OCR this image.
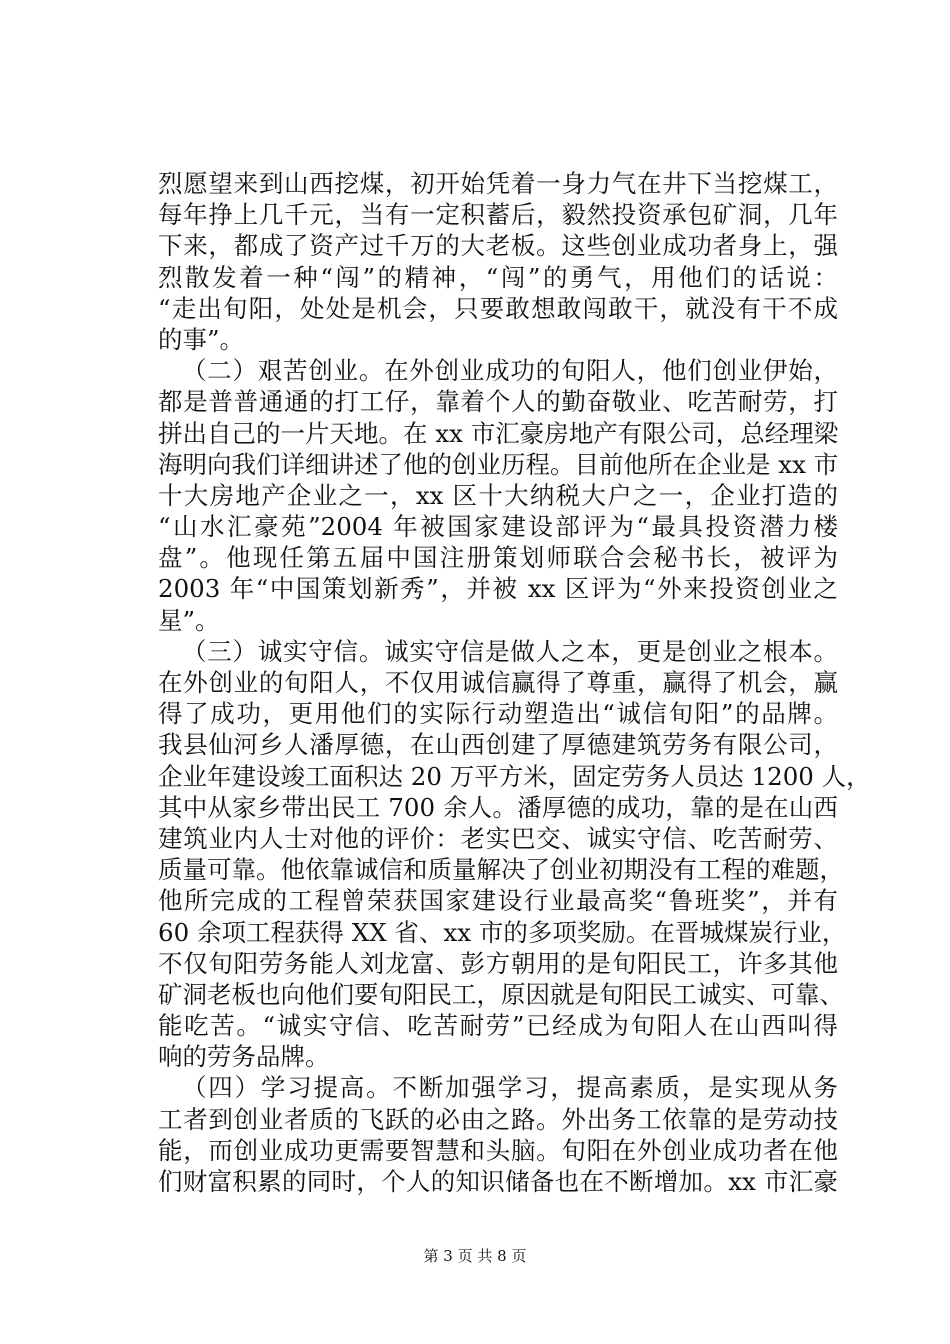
烈愿望来到山西挖煤，初开始凭着一身力气在井下当挖煤工，
每年挣上几千元，当有一定积蓄后，毅然投资承包矿洞，几年
下来，都成了资产过千万的大老板。这些创业成功者身上，强
烈散发着一种“闯”的精神，“闯”的勇气，用他们的话说：
“走出旬阳，处处是机会，只要敢想敢闯敢干，就没有干不成
的事”。
（二）艰苦创业。在外创业成功的旬阳人，他们创业伊始，
都是普普通通的打工仔，靠着个人的勤奋敬业、吃苦耐劳，打
拼出自己的一片天地。在 xx 市汇豪房地产有限公司，总经理梁
海明向我们详细讲述了他的创业历程。目前他所在企业是 xx 市
十大房地产企业之一，xx 区十大纳税大户之一，企业打造的
“山水汇豪苑”2004 年被国家建设部评为“最具投资潜力楼
盘”。他现任第五届中国注册策划师联合会秘书长，被评为
2003 年“中国策划新秀”，并被 xx 区评为“外来投资创业之
星”。
（三）诚实守信。诚实守信是做人之本，更是创业之根本。
在外创业的旬阳人，不仅用诚信赢得了尊重，赢得了机会，赢
得了成功，更用他们的实际行动塑造出“诚信旬阳”的品牌。
我县仙河乡人潘厚德，在山西创建了厚德建筑劳务有限公司，
企业年建设竣工面积达 20 万平方米，固定劳务人员达 1200 人，
其中从家乡带出民工 700 余人。潘厚德的成功，靠的是在山西
建筑业内人士对他的评价：老实巴交、诚实守信、吃苦耐劳、
质量可靠。他依靠诚信和质量解决了创业初期没有工程的难题，
他所完成的工程曾荣获国家建设行业最高奖“鲁班奖”，并有
60 余项工程获得 XX 省、xx 市的多项奖励。在晋城煤炭行业，
不仅旬阳劳务能人刘龙富、彭方朝用的是旬阳民工，许多其他
矿洞老板也向他们要旬阳民工，原因就是旬阳民工诚实、可靠、
能吃苦。“诚实守信、吃苦耐劳”已经成为旬阳人在山西叫得
响的劳务品牌。
（四）学习提高。不断加强学习，提高素质，是实现从务
工者到创业者质的飞跃的必由之路。外出务工依靠的是劳动技
能，而创业成功更需要智慧和头脑。旬阳在外创业成功者在他
们财富积累的同时，个人的知识储备也在不断增加。xx 市汇豪
第 3 页 共 8 页
